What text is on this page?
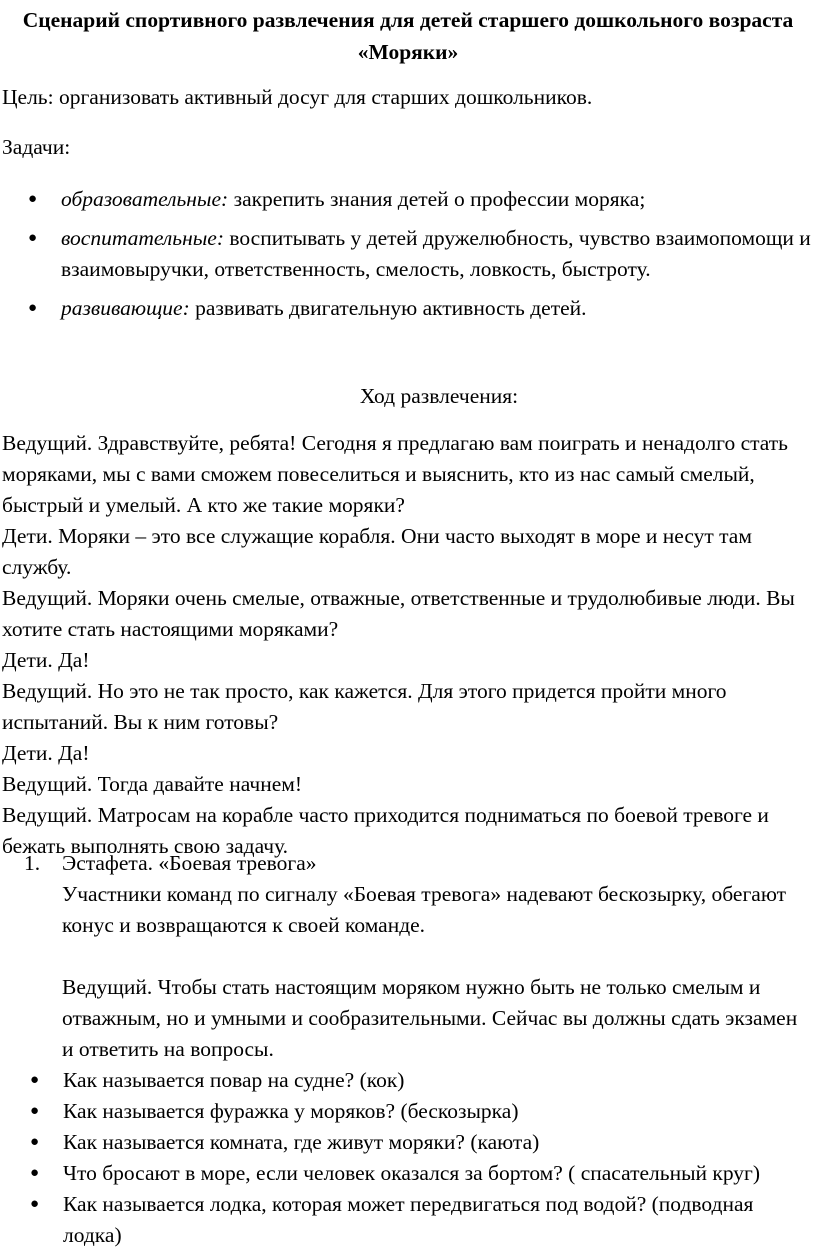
Сценарий спортивного развлечения для детей старшего дошкольного возраста «Моряки»
Цель: организовать активный досуг для старших дошкольников.
Задачи:
● образовательные: закрепить знания детей о профессии моряка;
● воспитательные: воспитывать у детей дружелюбность, чувство взаимопомощи и взаимовыручки, ответственность, смелость, ловкость, быстроту.
● развивающие: развивать двигательную активность детей.
Ход развлечения:

Ведущий. Здравствуйте, ребята! Сегодня я предлагаю вам поиграть и ненадолго стать моряками, мы с вами сможем повеселиться и выяснить, кто из нас самый смелый, быстрый и умелый. А кто же такие моряки?

Дети. Моряки – это все служащие корабля. Они часто выходят в море и несут там службу.

Ведущий. Моряки очень смелые, отважные, ответственные и трудолюбивые люди. Вы хотите стать настоящими моряками?

Дети. Да!

Ведущий. Но это не так просто, как кажется. Для этого придется пройти много испытаний. Вы к ним готовы?

Дети. Да!

Ведущий. Тогда давайте начнем!

Ведущий. Матросам на корабле часто приходится подниматься по боевой тревоге и бежать выполнять свою задачу.

1. Эстафета. «Боевая тревога»

Участники команд по сигналу «Боевая тревога» надевают бескозырку, обегают конус и возвращаются к своей команде.

Ведущий. Чтобы стать настоящим моряком нужно быть не только смелым и отважным, но и умными и сообразительными. Сейчас вы должны сдать экзамен и ответить на вопросы.

● Как называется повар на судне? (кок)
● Как называется фуражка у моряков? (бескозырка)
● Как называется комната, где живут моряки? (каюта)
● Что бросают в море, если человек оказался за бортом? ( спасательный круг)
● Как называется лодка, которая может передвигаться под водой? (подводная лодка)
